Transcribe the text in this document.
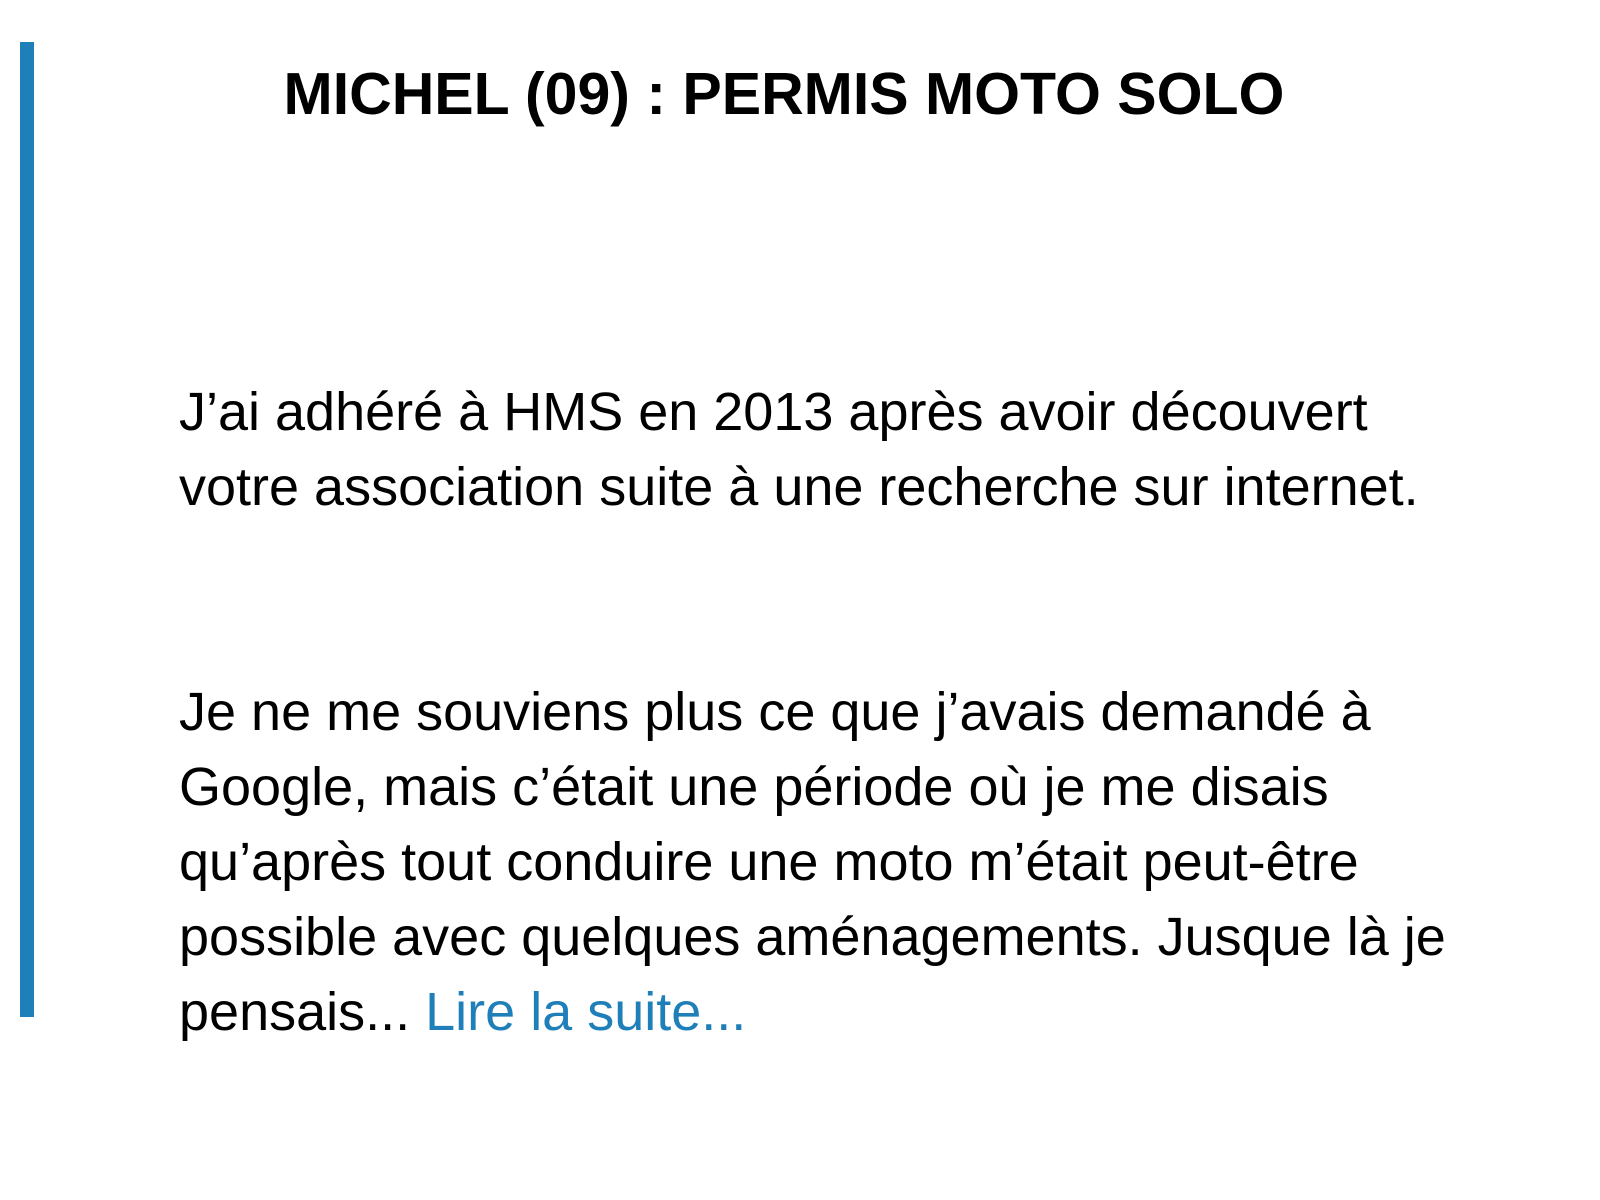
MICHEL (09) : PERMIS MOTO SOLO

J’ai adhéré à HMS en 2013 après avoir découvert votre association suite à une recherche sur internet.

Je ne me souviens plus ce que j’avais demandé à Google, mais c’était une période où je me disais qu’après tout conduire une moto m’était peut-être possible avec quelques aménagements. Jusque là je pensais... Lire la suite...
